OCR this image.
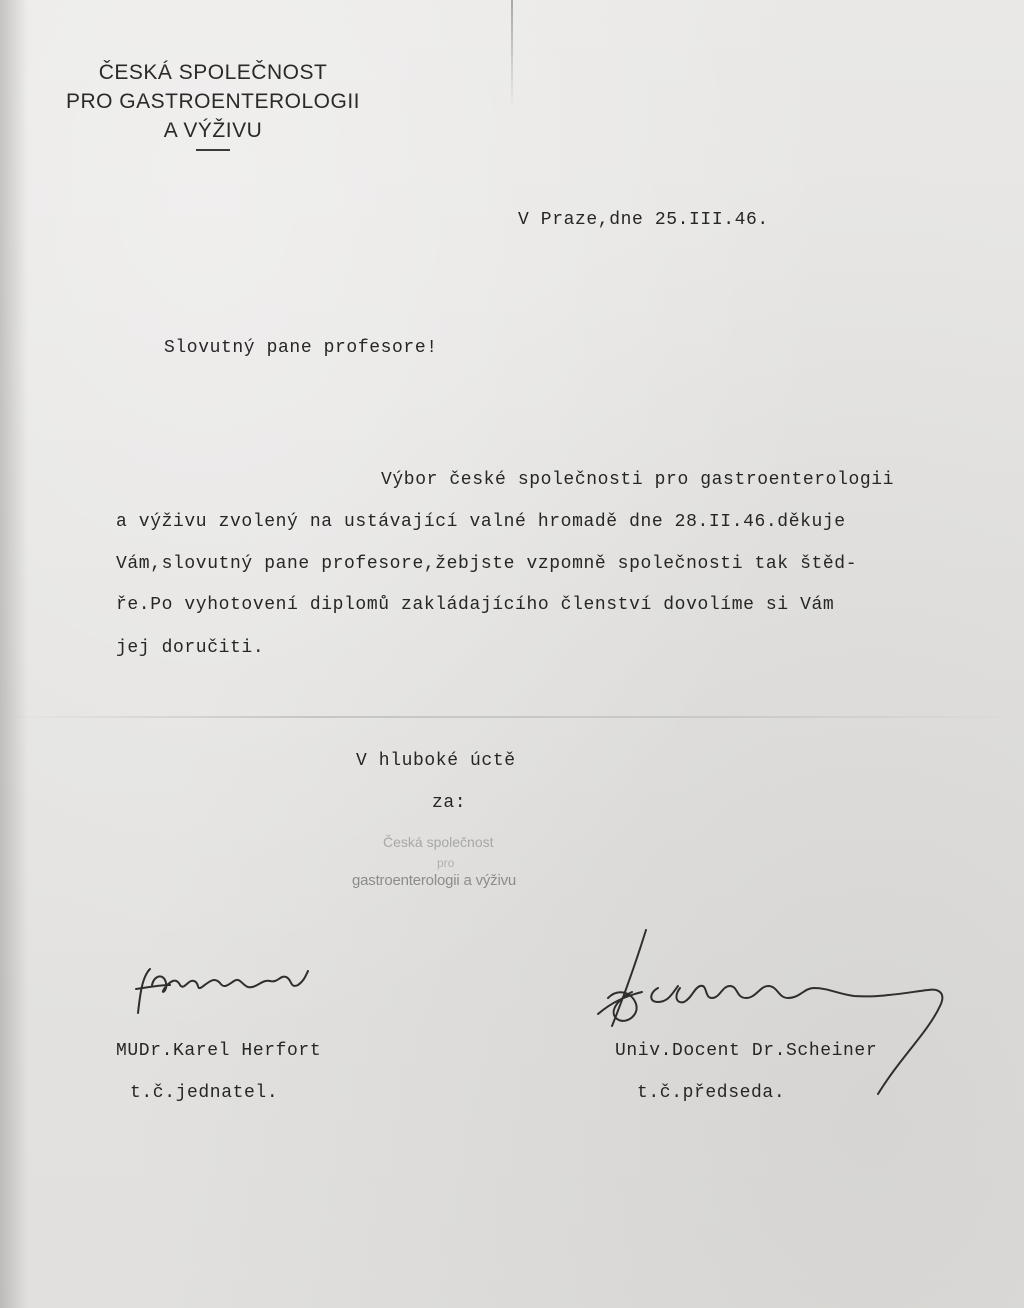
ČESKÁ SPOLEČNOST
PRO GASTROENTEROLOGII
A VÝŽIVU
V Praze,dne 25.III.46.
Slovutný pane profesore!
Výbor české společnosti pro gastroenterologii
a výživu zvolený na ustávající valné hromadě dne 28.II.46.děkuje
Vám,slovutný pane profesore,žebjste vzpomně společnosti tak štěd-
ře.Po vyhotovení diplomů zakládajícího členství dovolíme si Vám
jej doručiti.
V hluboké úctě
za:
Česká společnost
pro
gastroenterologii a výživu
MUDr.Karel Herfort
t.č.jednatel.
Univ.Docent Dr.Scheiner
t.č.předseda.
